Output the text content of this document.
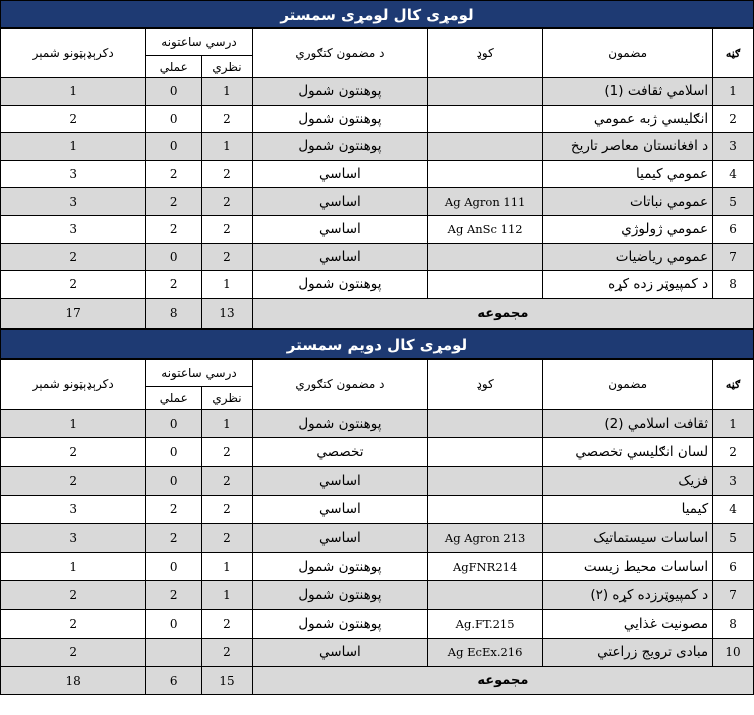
لومړی کال لومړی سمستر
ګڼه	مضمون	کوډ	د مضمون کتګوري	درسي ساعتونه		دکرېډېټونو شمېر
				نظري	عملي	
1	اسلامي ثقافت (1)		پوهنتون شمول	1	0	1
2	انګلیسي ژبه عمومي		پوهنتون شمول	2	0	2
3	د افغانستان معاصر تاریخ		پوهنتون شمول	1	0	1
4	عمومي کیمیا		اساسي	2	2	3
5	عمومي نباتات	Ag Agron 111	اساسي	2	2	3
6	عمومي ژولوژي	Ag AnSc 112	اساسي	2	2	3
7	عمومي ریاضیات		اساسي	2	0	2
8	د کمپیوټر زده کړه		پوهنتون شمول	1	2	2
مجموعه				13	8	17
لومړی کال دویم سمستر
ګڼه	مضمون	کوډ	د مضمون کتګوري	درسي ساعتونه		دکرېډېټونو شمېر
				نظري	عملي	
1	ثقافت اسلامي (2)		پوهنتون شمول	1	0	1
2	لسان انګلیسي تخصصي		تخصصي	2	0	2
3	فزیک		اساسي	2	0	2
4	کیمیا		اساسي	2	2	3
5	اساسات سیستماتیک	Ag Agron 213	اساسي	2	2	3
6	اساسات محیط زیست	AgFNR214	پوهنتون شمول	1	0	1
7	د کمپیوټرزده کړه (۲)		پوهنتون شمول	1	2	2
8	مصونیت غذایي	Ag.FT.215	پوهنتون شمول	2	0	2
10	مبادی ترویج زراعتي	Ag EcEx.216	اساسي	2		2
مجموعه				15	6	18
